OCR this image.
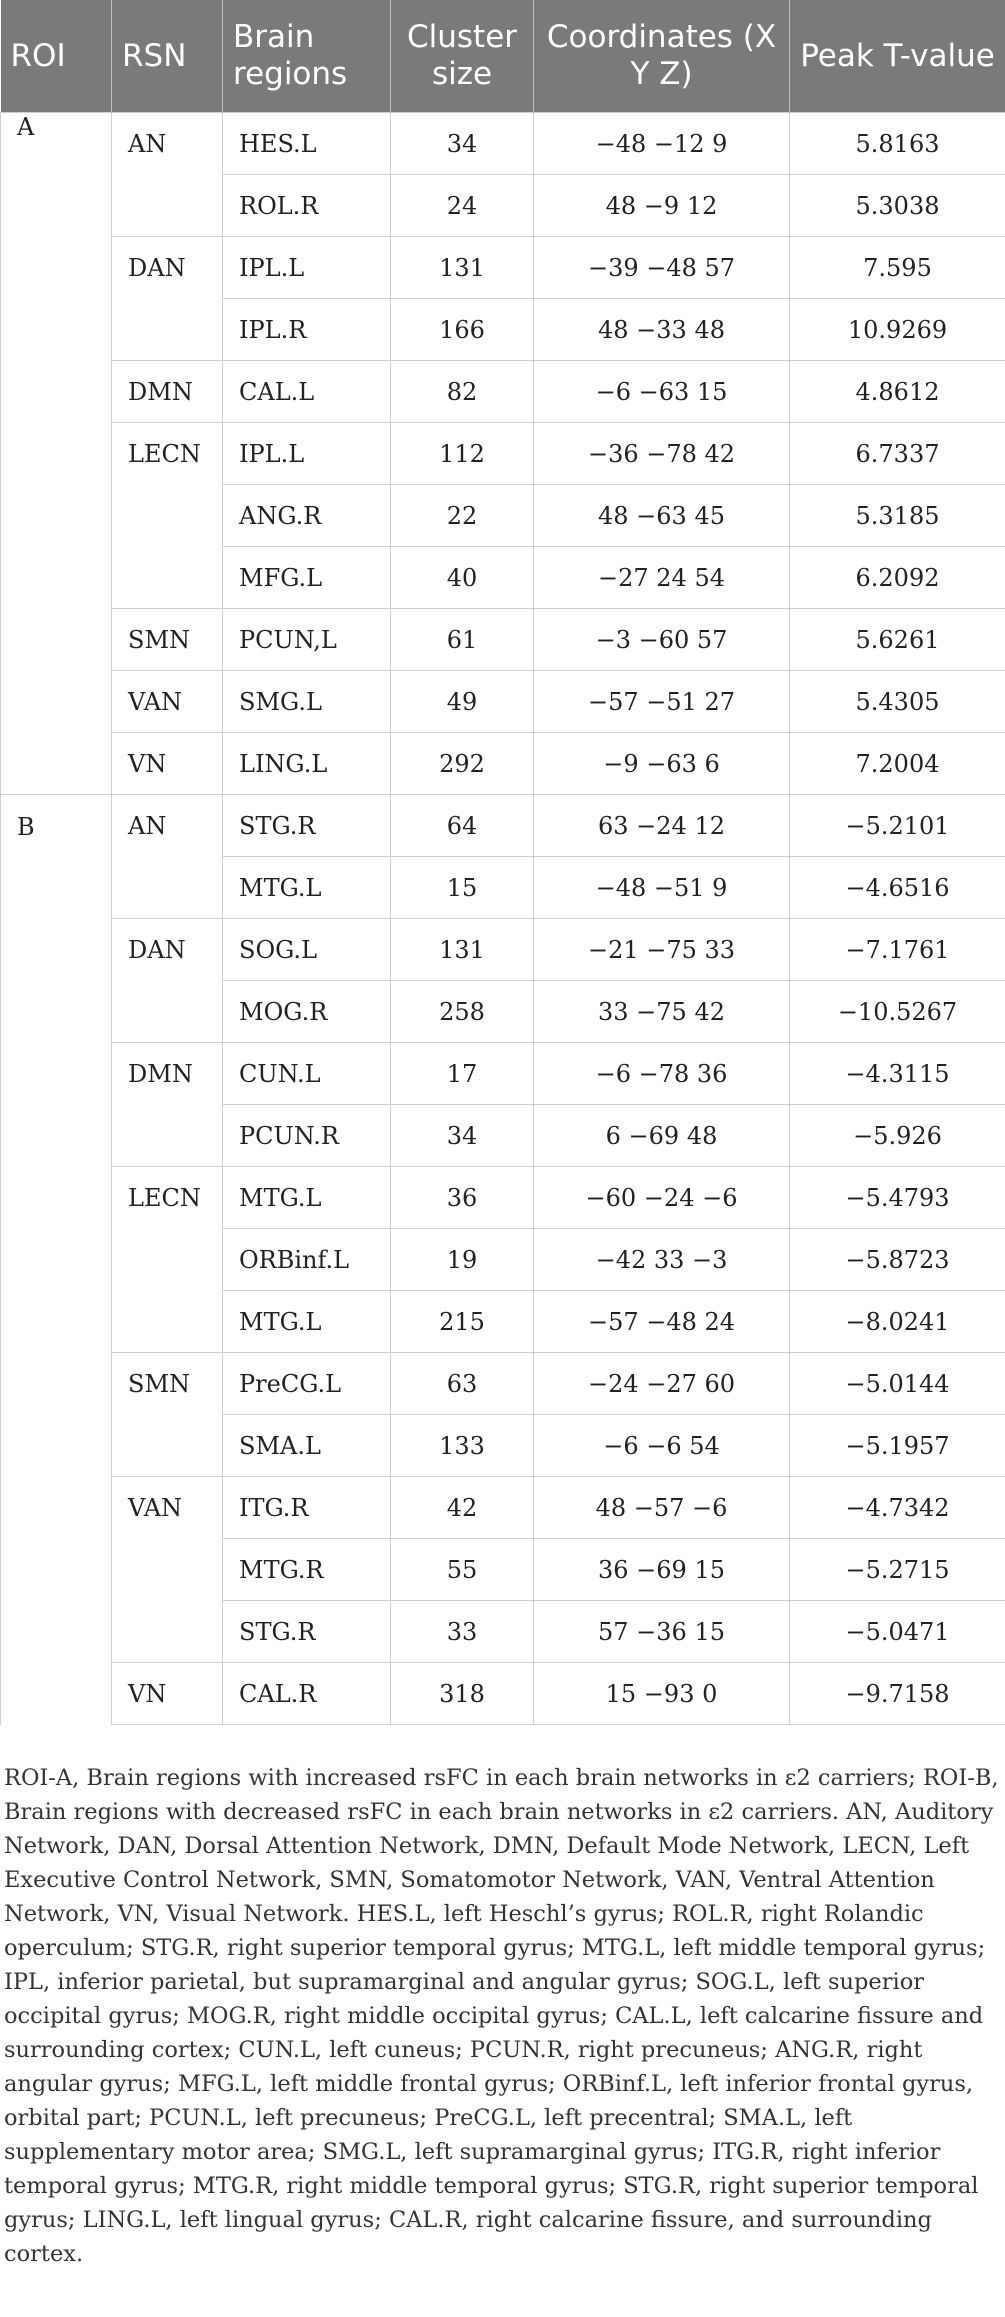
ROI	RSN	Brain regions	Cluster size	Coordinates (X Y Z)	Peak T-value
A	AN	HES.L	34	−48 −12 9	5.8163
		ROL.R	24	48 −9 12	5.3038
	DAN	IPL.L	131	−39 −48 57	7.595
		IPL.R	166	48 −33 48	10.9269
	DMN	CAL.L	82	−6 −63 15	4.8612
	LECN	IPL.L	112	−36 −78 42	6.7337
		ANG.R	22	48 −63 45	5.3185
		MFG.L	40	−27 24 54	6.2092
	SMN	PCUN,L	61	−3 −60 57	5.6261
	VAN	SMG.L	49	−57 −51 27	5.4305
	VN	LING.L	292	−9 −63 6	7.2004
B	AN	STG.R	64	63 −24 12	−5.2101
		MTG.L	15	−48 −51 9	−4.6516
	DAN	SOG.L	131	−21 −75 33	−7.1761
		MOG.R	258	33 −75 42	−10.5267
	DMN	CUN.L	17	−6 −78 36	−4.3115
		PCUN.R	34	6 −69 48	−5.926
	LECN	MTG.L	36	−60 −24 −6	−5.4793
		ORBinf.L	19	−42 33 −3	−5.8723
		MTG.L	215	−57 −48 24	−8.0241
	SMN	PreCG.L	63	−24 −27 60	−5.0144
		SMA.L	133	−6 −6 54	−5.1957
	VAN	ITG.R	42	48 −57 −6	−4.7342
		MTG.R	55	36 −69 15	−5.2715
		STG.R	33	57 −36 15	−5.0471
	VN	CAL.R	318	15 −93 0	−9.7158
ROI-A, Brain regions with increased rsFC in each brain networks in ε2 carriers; ROI-B, Brain regions with decreased rsFC in each brain networks in ε2 carriers. AN, Auditory Network, DAN, Dorsal Attention Network, DMN, Default Mode Network, LECN, Left Executive Control Network, SMN, Somatomotor Network, VAN, Ventral Attention Network, VN, Visual Network. HES.L, left Heschl’s gyrus; ROL.R, right Rolandic operculum; STG.R, right superior temporal gyrus; MTG.L, left middle temporal gyrus; IPL, inferior parietal, but supramarginal and angular gyrus; SOG.L, left superior occipital gyrus; MOG.R, right middle occipital gyrus; CAL.L, left calcarine fissure and surrounding cortex; CUN.L, left cuneus; PCUN.R, right precuneus; ANG.R, right angular gyrus; MFG.L, left middle frontal gyrus; ORBinf.L, left inferior frontal gyrus, orbital part; PCUN.L, left precuneus; PreCG.L, left precentral; SMA.L, left supplementary motor area; SMG.L, left supramarginal gyrus; ITG.R, right inferior temporal gyrus; MTG.R, right middle temporal gyrus; STG.R, right superior temporal gyrus; LING.L, left lingual gyrus; CAL.R, right calcarine fissure, and surrounding cortex.
